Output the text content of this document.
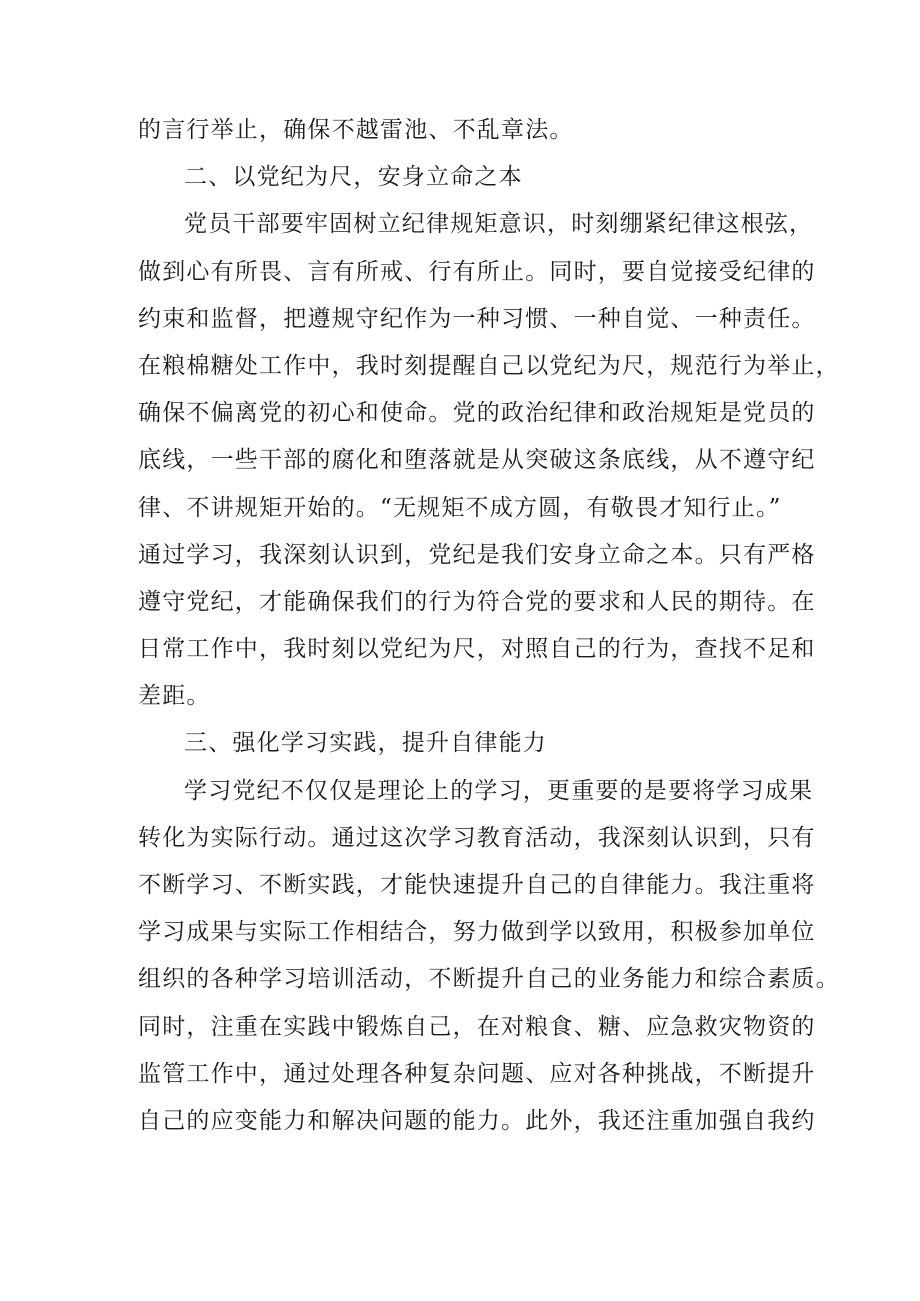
的言行举止，确保不越雷池、不乱章法。
二、以党纪为尺，安身立命之本
党员干部要牢固树立纪律规矩意识，时刻绷紧纪律这根弦，
做到心有所畏、言有所戒、行有所止。同时，要自觉接受纪律的
约束和监督，把遵规守纪作为一种习惯、一种自觉、一种责任。
在粮棉糖处工作中，我时刻提醒自己以党纪为尺，规范行为举止，
确保不偏离党的初心和使命。党的政治纪律和政治规矩是党员的
底线，一些干部的腐化和堕落就是从突破这条底线，从不遵守纪
律、不讲规矩开始的。“无规矩不成方圆，有敬畏才知行止。”
通过学习，我深刻认识到，党纪是我们安身立命之本。只有严格
遵守党纪，才能确保我们的行为符合党的要求和人民的期待。在
日常工作中，我时刻以党纪为尺，对照自己的行为，查找不足和
差距。
三、强化学习实践，提升自律能力
学习党纪不仅仅是理论上的学习，更重要的是要将学习成果
转化为实际行动。通过这次学习教育活动，我深刻认识到，只有
不断学习、不断实践，才能快速提升自己的自律能力。我注重将
学习成果与实际工作相结合，努力做到学以致用，积极参加单位
组织的各种学习培训活动，不断提升自己的业务能力和综合素质。
同时，注重在实践中锻炼自己，在对粮食、糖、应急救灾物资的
监管工作中，通过处理各种复杂问题、应对各种挑战，不断提升
自己的应变能力和解决问题的能力。此外，我还注重加强自我约
